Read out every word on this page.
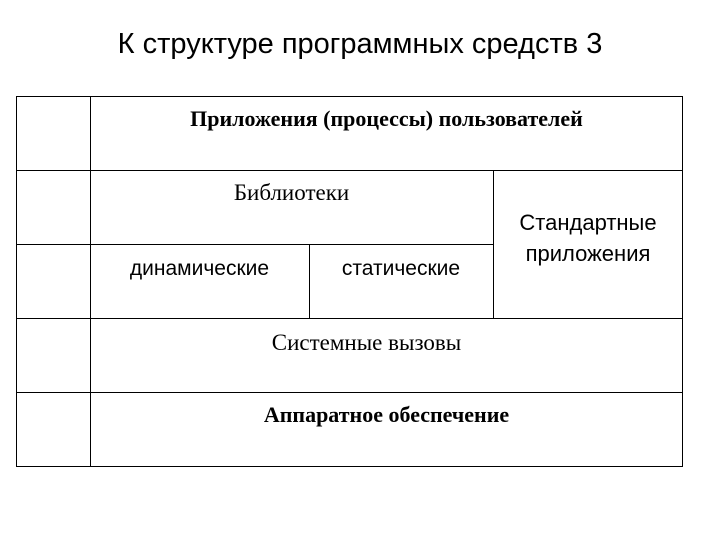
К структуре программных средств 3
Приложения (процессы) пользователей
Библиотеки
динамические	статические
Стандартные
приложения
Системные вызовы
Аппаратное обеспечение
